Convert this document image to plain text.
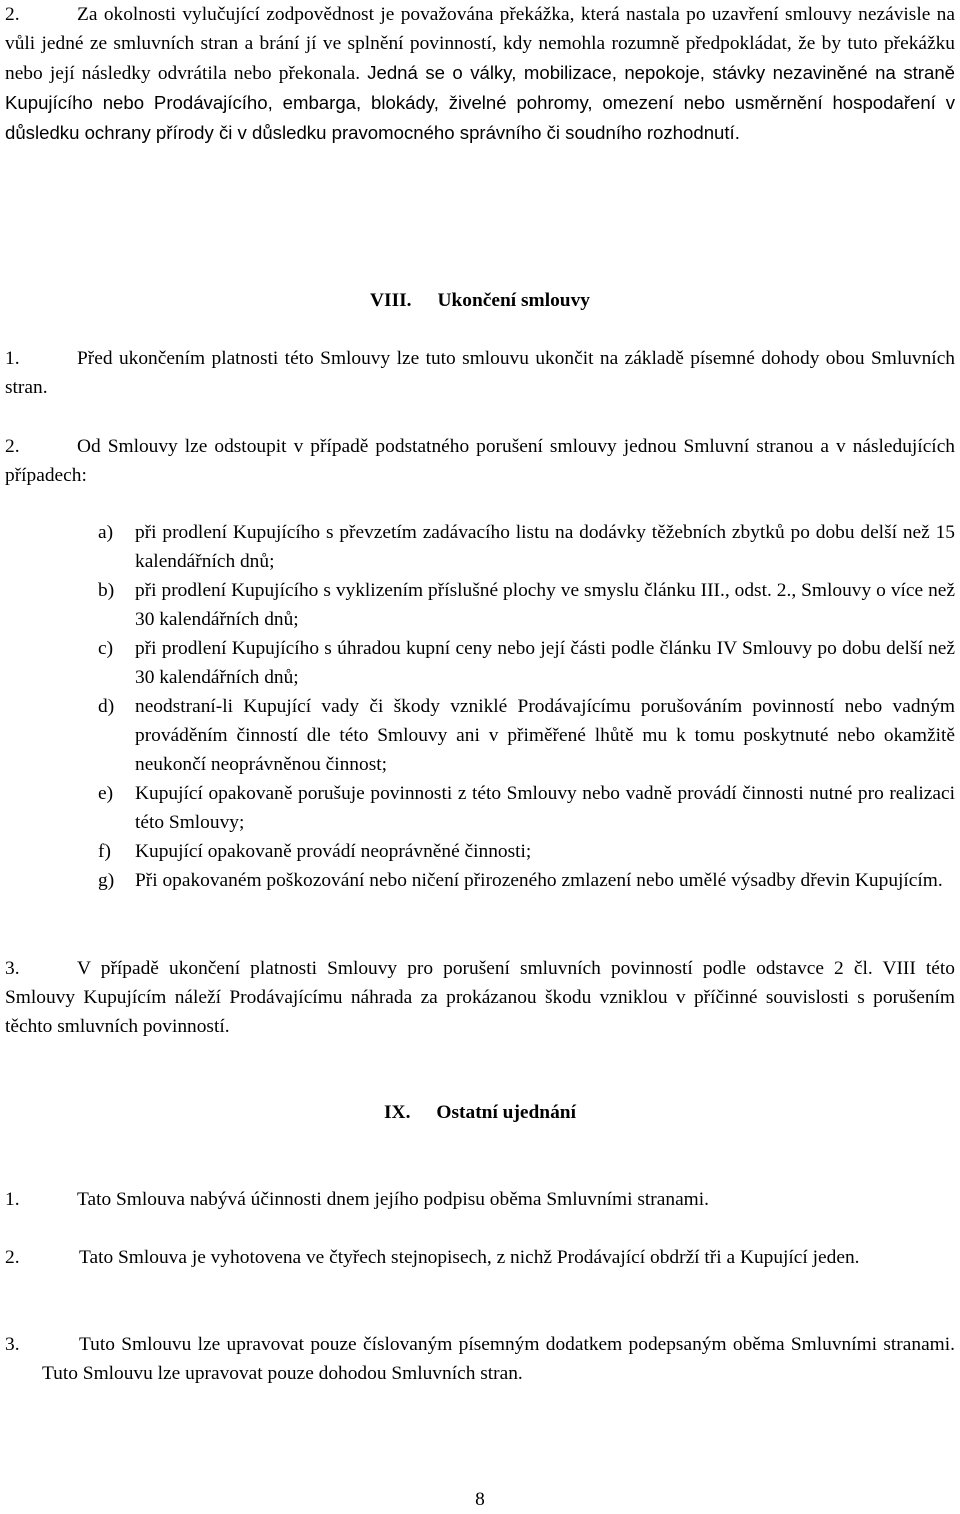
2.	Za okolnosti vylučující zodpovědnost je považována překážka, která nastala po uzavření smlouvy nezávisle na vůli jedné ze smluvních stran a brání jí ve splnění povinností, kdy nemohla rozumně předpokládat, že by tuto překážku nebo její následky odvrátila nebo překonala. Jedná se o války, mobilizace, nepokoje, stávky nezaviněné na straně Kupujícího nebo Prodávajícího, embarga, blokády, živelné pohromy, omezení nebo usměrnění hospodaření v důsledku ochrany přírody či v důsledku pravomocného správního či soudního rozhodnutí.

VIII. Ukončení smlouvy

1.	Před ukončením platnosti této Smlouvy lze tuto smlouvu ukončit na základě písemné dohody obou Smluvních stran.

2.	Od Smlouvy lze odstoupit v případě podstatného porušení smlouvy jednou Smluvní stranou a v následujících případech:

a) při prodlení Kupujícího s převzetím zadávacího listu na dodávky těžebních zbytků po dobu delší než 15 kalendářních dnů;
b) při prodlení Kupujícího s vyklizením příslušné plochy ve smyslu článku III., odst. 2., Smlouvy o více než 30 kalendářních dnů;
c) při prodlení Kupujícího s úhradou kupní ceny nebo její části podle článku IV Smlouvy po dobu delší než 30 kalendářních dnů;
d) neodstraní-li Kupující vady či škody vzniklé Prodávajícímu porušováním povinností nebo vadným prováděním činností dle této Smlouvy ani v přiměřené lhůtě mu k tomu poskytnuté nebo okamžitě neukončí neoprávněnou činnost;
e) Kupující opakovaně porušuje povinnosti z této Smlouvy nebo vadně provádí činnosti nutné pro realizaci této Smlouvy;
f) Kupující opakovaně provádí neoprávněné činnosti;
g) Při opakovaném poškozování nebo ničení přirozeného zmlazení nebo umělé výsadby dřevin Kupujícím.

3.	V případě ukončení platnosti Smlouvy pro porušení smluvních povinností podle odstavce 2 čl. VIII této Smlouvy Kupujícím náleží Prodávajícímu náhrada za prokázanou škodu vzniklou v příčinné souvislosti s porušením těchto smluvních povinností.

IX. Ostatní ujednání

1.	Tato Smlouva nabývá účinnosti dnem jejího podpisu oběma Smluvními stranami.

2.	Tato Smlouva je vyhotovena ve čtyřech stejnopisech, z nichž Prodávající obdrží tři a Kupující jeden.

3.	Tuto Smlouvu lze upravovat pouze číslovaným písemným dodatkem podepsaným oběma Smluvními stranami. Tuto Smlouvu lze upravovat pouze dohodou Smluvních stran.

8
